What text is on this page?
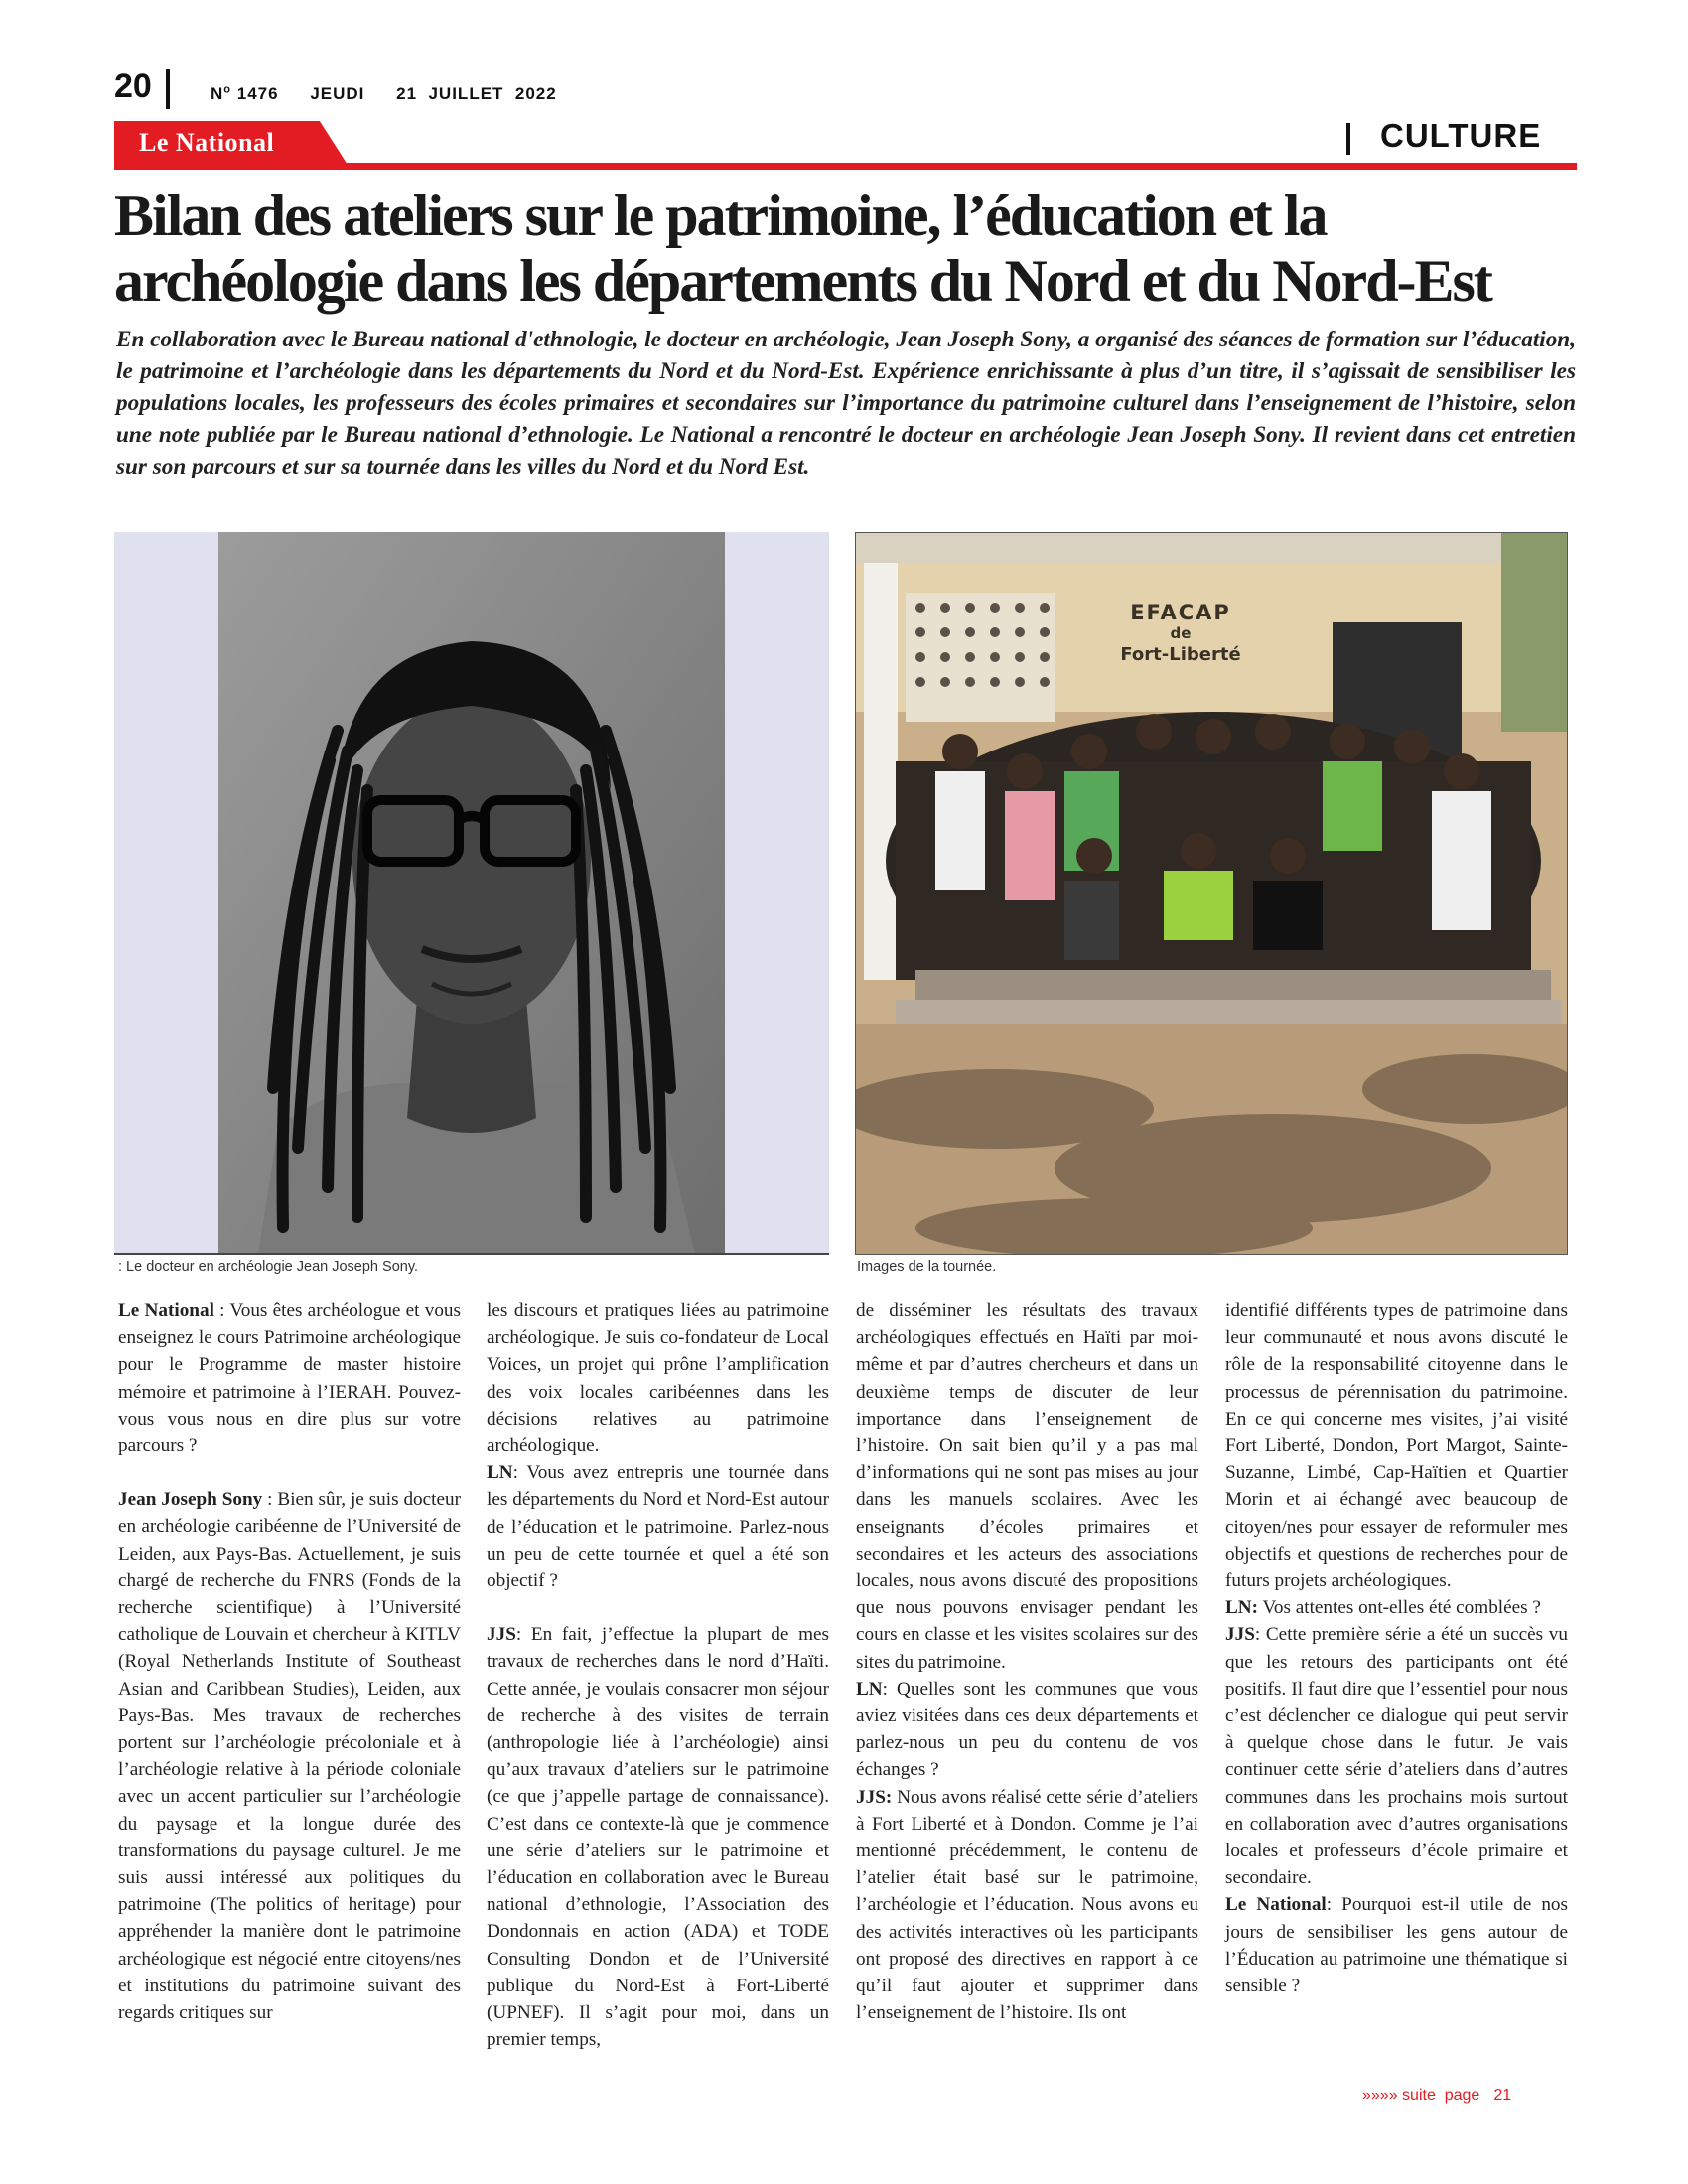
20	$N^o$ 1476 JEUDI 21  JUILLET  2022
Le National	CULTURE
Bilan des ateliers sur le patrimoine, l’éducation et la archéologie dans les départements du Nord et du Nord-Est

En collaboration avec le Bureau national d'ethnologie, le docteur en archéologie, Jean Joseph Sony, a organisé des séances de formation sur l’éducation, le patrimoine et l’archéologie dans les départements du Nord et du Nord-Est. Expérience enrichissante à plus d’un titre, il s’agissait de sensibiliser les populations locales, les professeurs des écoles primaires et secondaires sur l’importance du patrimoine culturel dans l’enseignement de l’histoire, selon une note publiée par le Bureau national d’ethnologie. Le National a rencontré le docteur en archéologie Jean Joseph Sony. Il revient dans cet entretien sur son parcours et sur sa tournée dans les villes du Nord et du Nord Est.

: Le docteur en archéologie Jean Joseph Sony.
EFACAP
de
Fort-Liberté
Images de la tournée.

Le National : Vous êtes archéologue et vous enseignez le cours Patrimoine archéologique pour le Programme de master histoire mémoire et patrimoine à l’IERAH. Pouvez-vous vous nous en dire plus sur votre parcours ?

Jean Joseph Sony : Bien sûr, je suis docteur en archéologie caribéenne de l’Université de Leiden, aux Pays-Bas. Actuellement, je suis chargé de recherche du FNRS (Fonds de la recherche scientifique) à l’Université catholique de Louvain et chercheur à KITLV (Royal Netherlands Institute of Southeast Asian and Caribbean Studies), Leiden, aux Pays-Bas. Mes travaux de recherches portent sur l’archéologie précoloniale et à l’archéologie relative à la période coloniale avec un accent particulier sur l’archéologie du paysage et la longue durée des transformations du paysage culturel. Je me suis aussi intéressé aux politiques du patrimoine (The politics of heritage) pour appréhender la manière dont le patrimoine archéologique est négocié entre citoyens/nes et institutions du patrimoine suivant des regards critiques sur

les discours et pratiques liées au patrimoine archéologique. Je suis co-fondateur de Local Voices, un projet qui prône l’amplification des voix locales caribéennes dans les décisions relatives au patrimoine archéologique.

LN: Vous avez entrepris une tournée dans les départements du Nord et Nord-Est autour de l’éducation et le patrimoine. Parlez-nous un peu de cette tournée et quel a été son objectif ?

JJS: En fait, j’effectue la plupart de mes travaux de recherches dans le nord d’Haïti. Cette année, je voulais consacrer mon séjour de recherche à des visites de terrain (anthropologie liée à l’archéologie) ainsi qu’aux travaux d’ateliers sur le patrimoine (ce que j’appelle partage de connaissance). C’est dans ce contexte-là que je commence une série d’ateliers sur le patrimoine et l’éducation en collaboration avec le Bureau national d’ethnologie, l’Association des Dondonnais en action (ADA) et TODE Consulting Dondon et de l’Université publique du Nord-Est à Fort-Liberté (UPNEF). Il s’agit pour moi, dans un premier temps,

de disséminer les résultats des travaux archéologiques effectués en Haïti par moi-même et par d’autres chercheurs et dans un deuxième temps de discuter de leur importance dans l’enseignement de l’histoire. On sait bien qu’il y a pas mal d’informations qui ne sont pas mises au jour dans les manuels scolaires. Avec les enseignants d’écoles primaires et secondaires et les acteurs des associations locales, nous avons discuté des propositions que nous pouvons envisager pendant les cours en classe et les visites scolaires sur des sites du patrimoine.

LN: Quelles sont les communes que vous aviez visitées dans ces deux départements et parlez-nous un peu du contenu de vos échanges ?

JJS: Nous avons réalisé cette série d’ateliers à Fort Liberté et à Dondon. Comme je l’ai mentionné précédemment, le contenu de l’atelier était basé sur le patrimoine, l’archéologie et l’éducation. Nous avons eu des activités interactives où les participants ont proposé des directives en rapport à ce qu’il faut ajouter et supprimer dans l’enseignement de l’histoire. Ils ont

identifié différents types de patrimoine dans leur communauté et nous avons discuté le rôle de la responsabilité citoyenne dans le processus de pérennisation du patrimoine. En ce qui concerne mes visites, j’ai visité Fort Liberté, Dondon, Port Margot, Sainte-Suzanne, Limbé, Cap-Haïtien et Quartier Morin et ai échangé avec beaucoup de citoyen/nes pour essayer de reformuler mes objectifs et questions de recherches pour de futurs projets archéologiques.

LN: Vos attentes ont-elles été comblées ?

JJS: Cette première série a été un succès vu que les retours des participants ont été positifs. Il faut dire que l’essentiel pour nous c’est déclencher ce dialogue qui peut servir à quelque chose dans le futur. Je vais continuer cette série d’ateliers dans d’autres communes dans les prochains mois surtout en collaboration avec d’autres organisations locales et professeurs d’école primaire et secondaire.

Le National: Pourquoi est-il utile de nos jours de sensibiliser les gens autour de l’Éducation au patrimoine une thématique si sensible ?

»»»» suite  page 21
